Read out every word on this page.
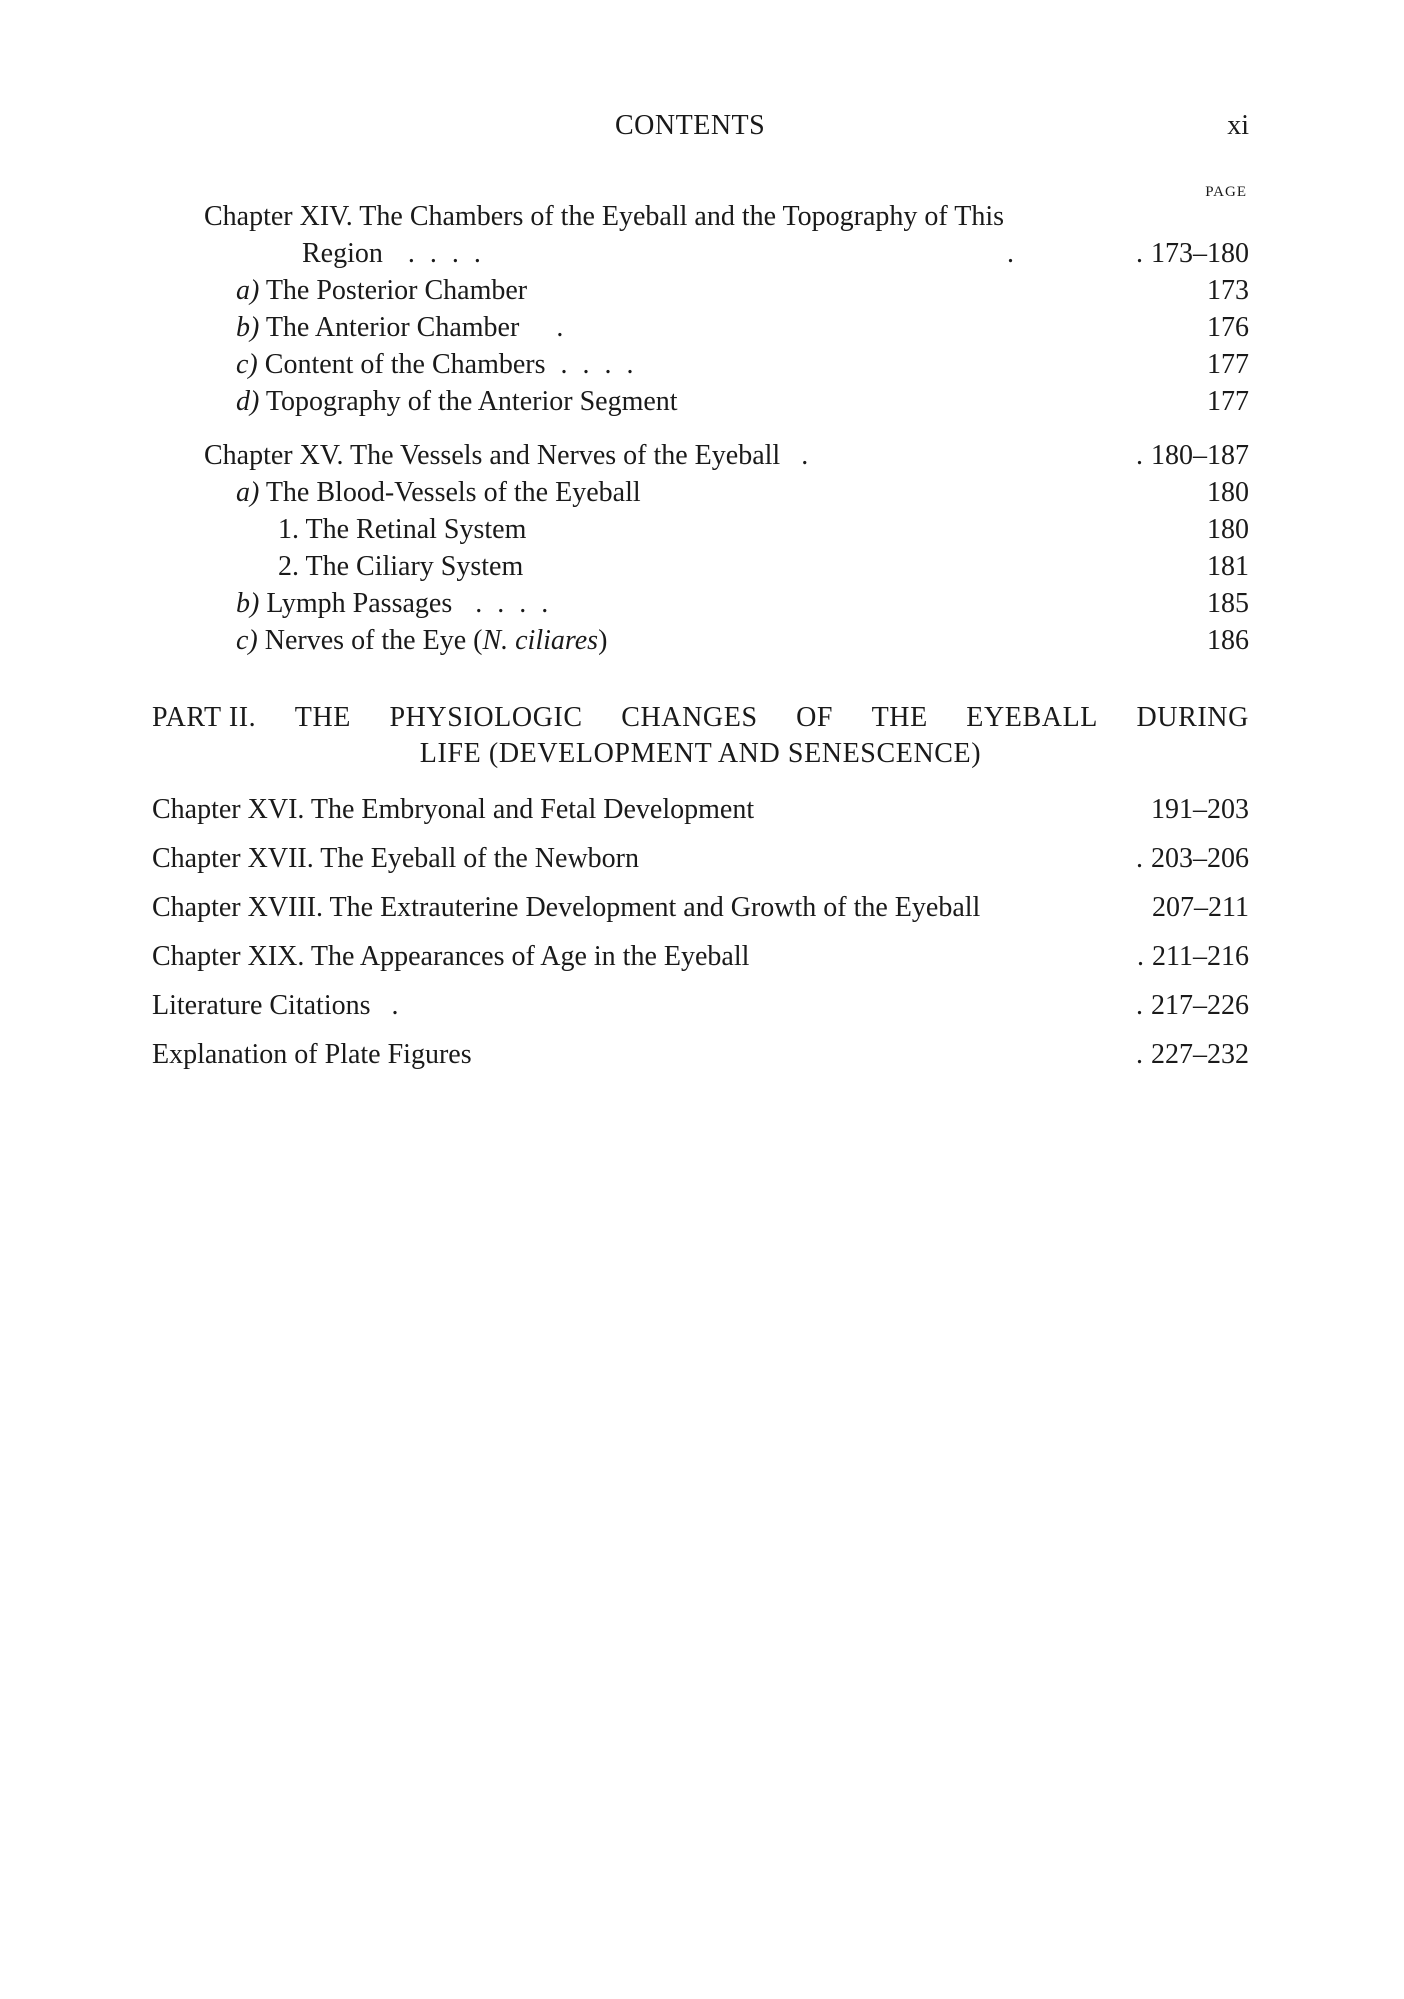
CONTENTS	xi
PAGE
Chapter XIV. The Chambers of the Eyeball and the Topography of This
Region . . . .	.	. 173–180
a) The Posterior Chamber	173
b) The Anterior Chamber .	176
c) Content of the Chambers . . . .	177
d) Topography of the Anterior Segment	177
Chapter XV. The Vessels and Nerves of the Eyeball .	. 180–187
a) The Blood-Vessels of the Eyeball	180
1. The Retinal System	180
2. The Ciliary System	181
b) Lymph Passages . . . .	185
c) Nerves of the Eye (N. ciliares)	186
PART II. THE PHYSIOLOGIC CHANGES OF THE EYEBALL DURING
LIFE (DEVELOPMENT AND SENESCENCE)
Chapter XVI. The Embryonal and Fetal Development	191–203
Chapter XVII. The Eyeball of the Newborn	. 203–206
Chapter XVIII. The Extrauterine Development and Growth of the Eyeball	207–211
Chapter XIX. The Appearances of Age in the Eyeball	. 211–216
Literature Citations .	. 217–226
Explanation of Plate Figures	. 227–232
